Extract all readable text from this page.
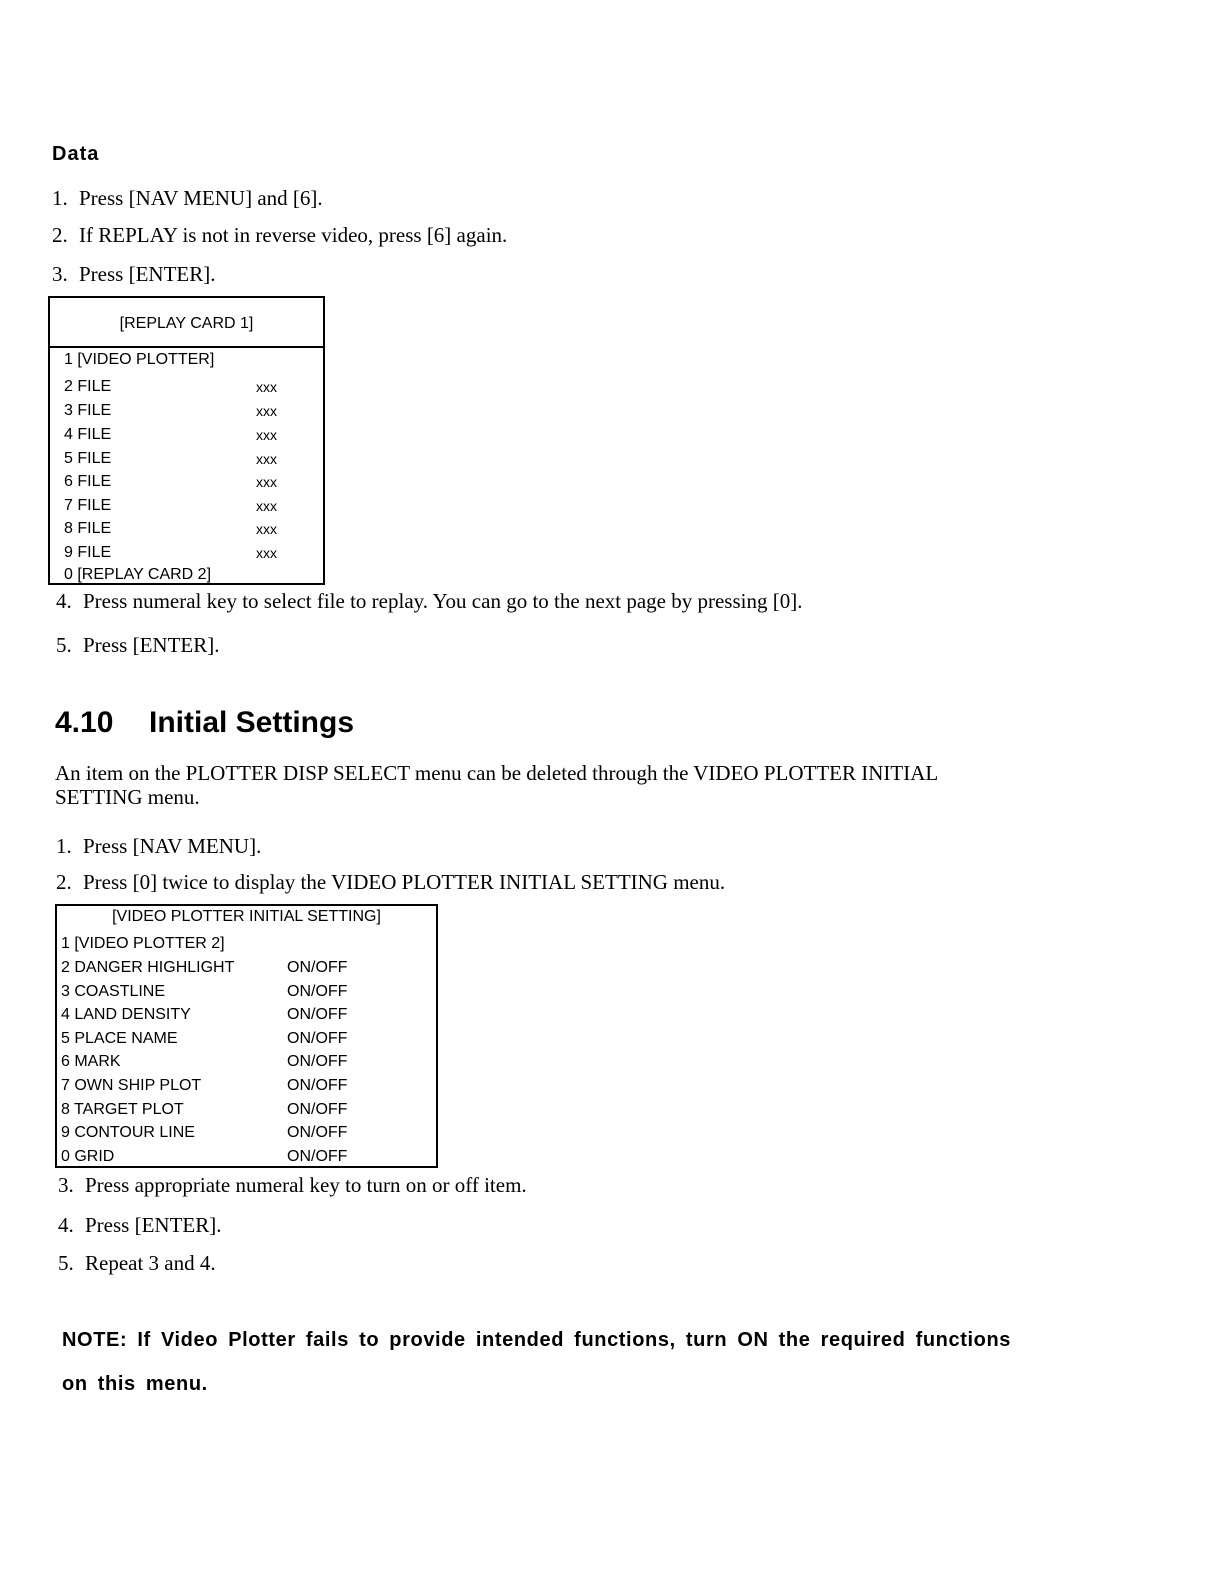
Data
1. Press [NAV MENU] and [6].
2. If REPLAY is not in reverse video, press [6] again.
3. Press [ENTER].
[REPLAY CARD 1]
1 [VIDEO PLOTTER]
2 FILE	xxx
3 FILE	xxx
4 FILE	xxx
5 FILE	xxx
6 FILE	xxx
7 FILE	xxx
8 FILE	xxx
9 FILE	xxx
0 [REPLAY CARD 2]
4. Press numeral key to select file to replay. You can go to the next page by pressing [0].
5. Press [ENTER].
4.10 Initial Settings
An item on the PLOTTER DISP SELECT menu can be deleted through the VIDEO PLOTTER INITIAL SETTING menu.
1. Press [NAV MENU].
2. Press [0] twice to display the VIDEO PLOTTER INITIAL SETTING menu.
[VIDEO PLOTTER INITIAL SETTING]
1 [VIDEO PLOTTER 2]
2 DANGER HIGHLIGHT	ON/OFF
3 COASTLINE	ON/OFF
4 LAND DENSITY	ON/OFF
5 PLACE NAME	ON/OFF
6 MARK	ON/OFF
7 OWN SHIP PLOT	ON/OFF
8 TARGET PLOT	ON/OFF
9 CONTOUR LINE	ON/OFF
0 GRID	ON/OFF
3. Press appropriate numeral key to turn on or off item.
4. Press [ENTER].
5. Repeat 3 and 4.
NOTE: If Video Plotter fails to provide intended functions, turn ON the required functions on this menu.
